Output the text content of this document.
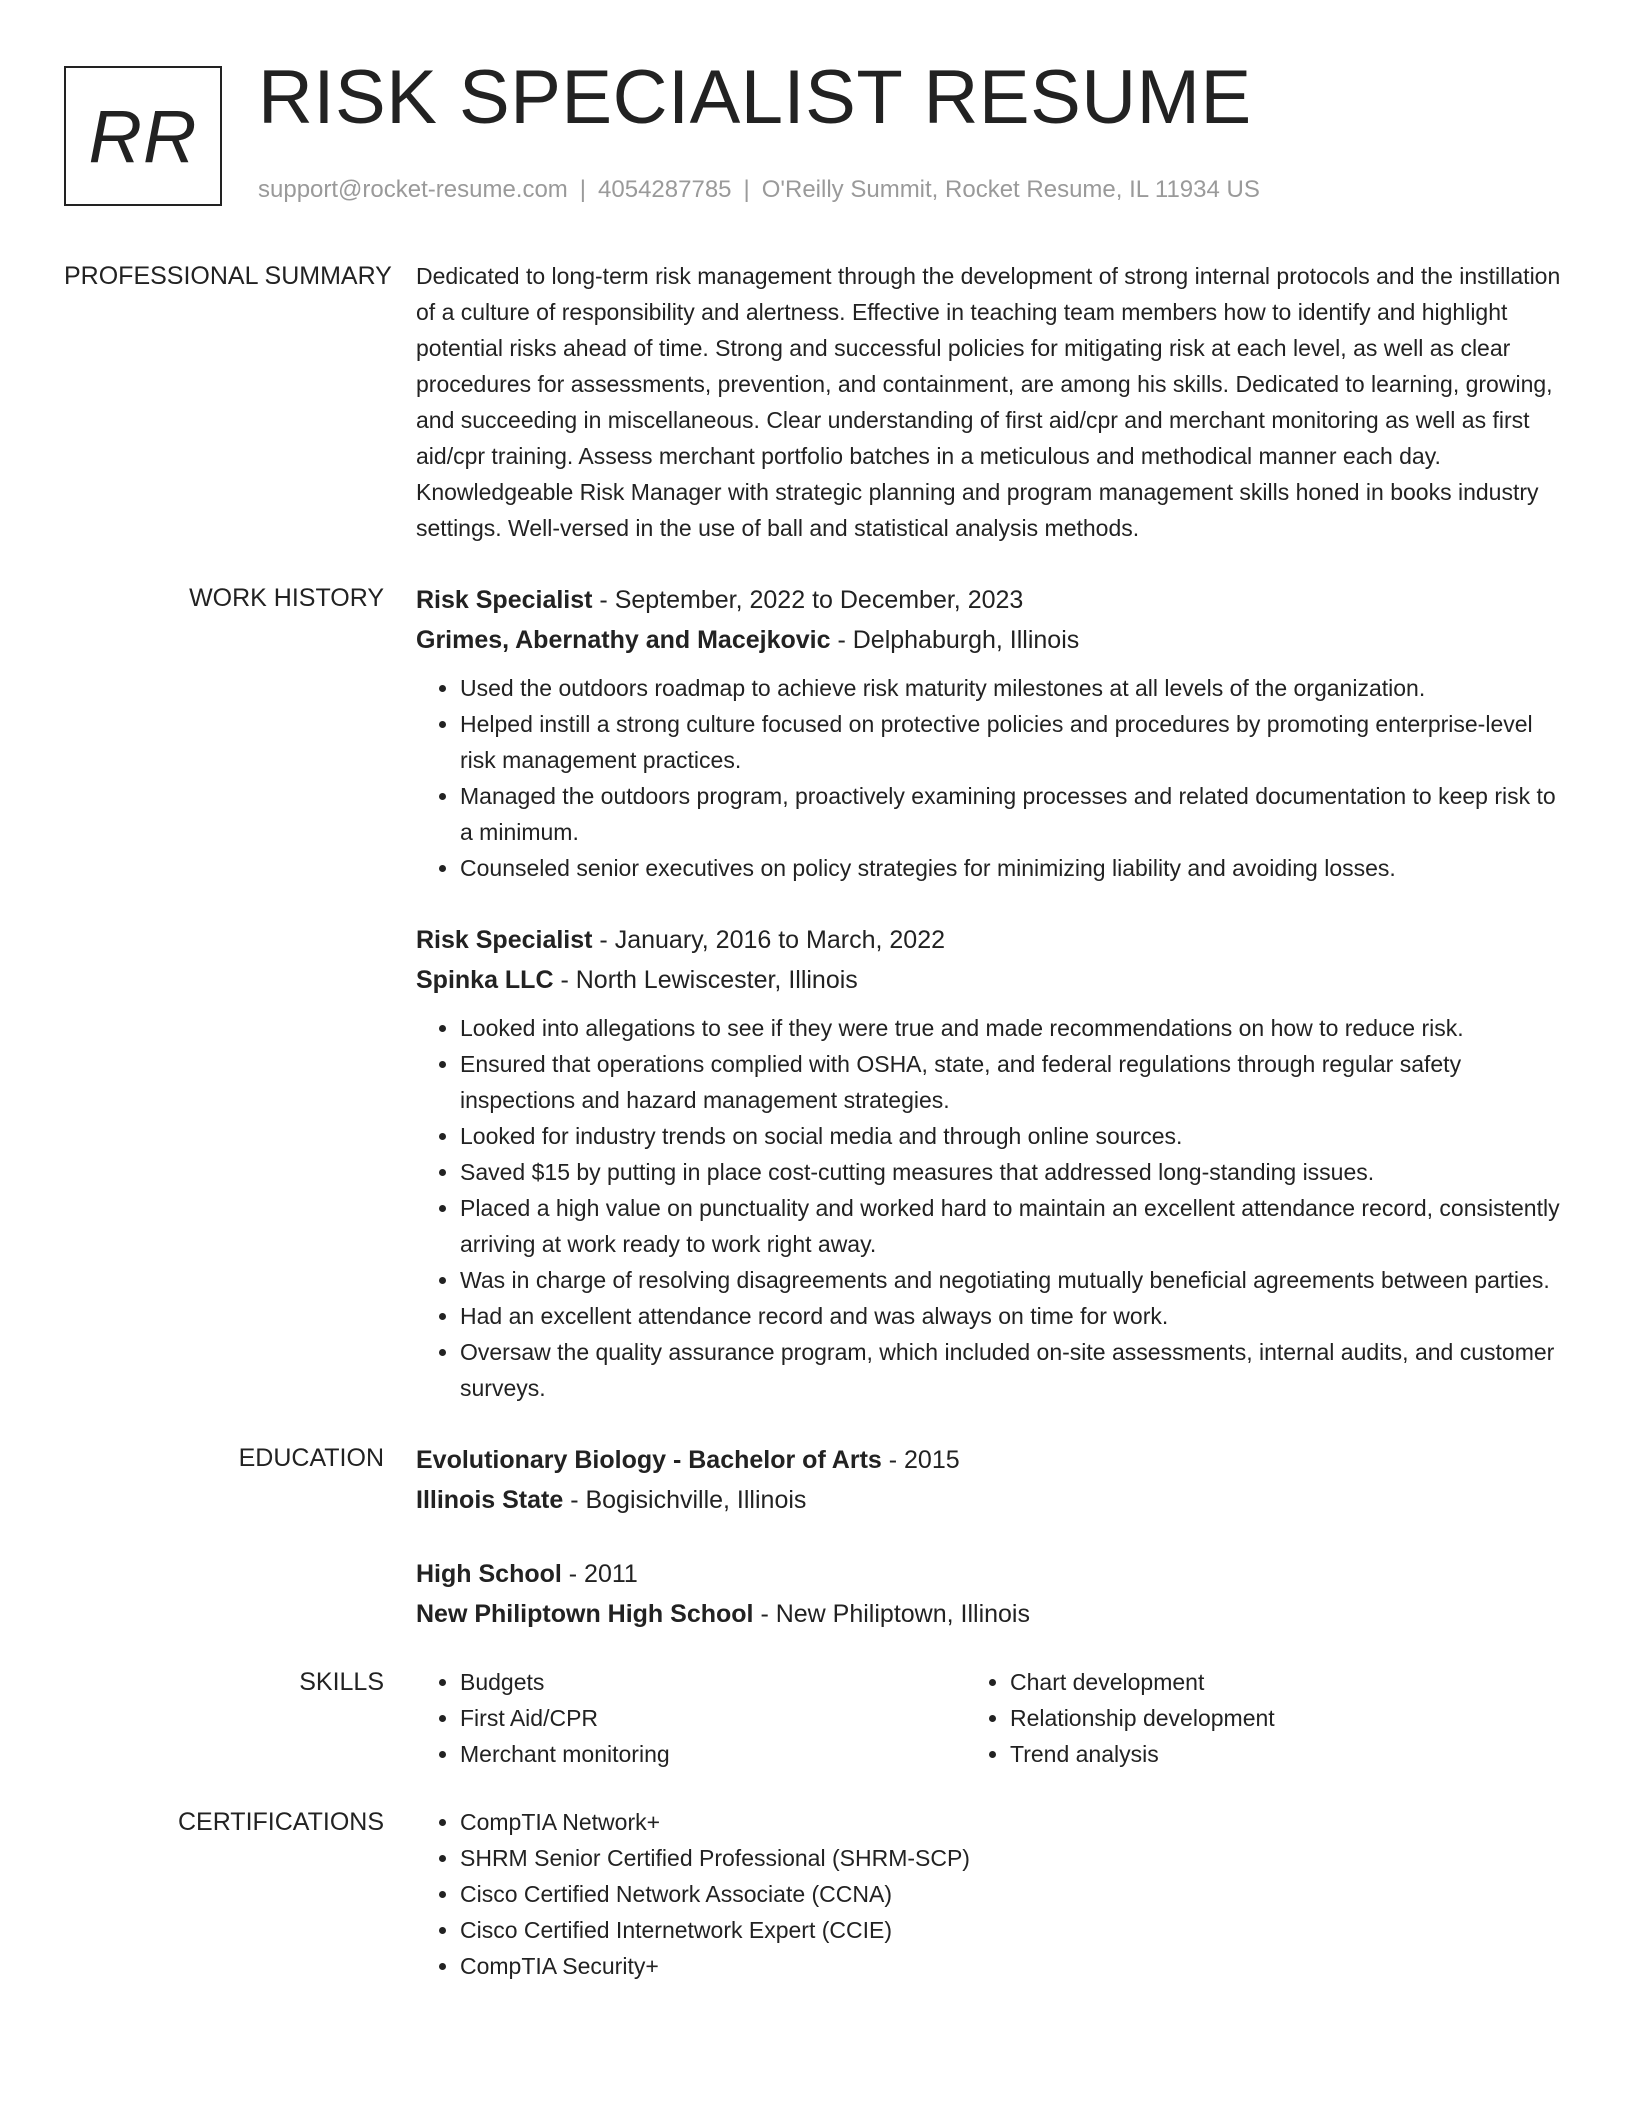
RR RISK SPECIALIST RESUME
support@rocket-resume.com | 4054287785 | O'Reilly Summit, Rocket Resume, IL 11934 US
PROFESSIONAL SUMMARY	Dedicated to long-term risk management through the development of strong internal protocols and the instillation of a culture of responsibility and alertness. Effective in teaching team members how to identify and highlight potential risks ahead of time. Strong and successful policies for mitigating risk at each level, as well as clear procedures for assessments, prevention, and containment, are among his skills. Dedicated to learning, growing, and succeeding in miscellaneous. Clear understanding of first aid/cpr and merchant monitoring as well as first aid/cpr training. Assess merchant portfolio batches in a meticulous and methodical manner each day. Knowledgeable Risk Manager with strategic planning and program management skills honed in books industry settings. Well-versed in the use of ball and statistical analysis methods.

WORK HISTORY	Risk Specialist - September, 2022 to December, 2023
Grimes, Abernathy and Macejkovic - Delphaburgh, Illinois
• Used the outdoors roadmap to achieve risk maturity milestones at all levels of the organization.
• Helped instill a strong culture focused on protective policies and procedures by promoting enterprise-level risk management practices.
• Managed the outdoors program, proactively examining processes and related documentation to keep risk to a minimum.
• Counseled senior executives on policy strategies for minimizing liability and avoiding losses.
Risk Specialist - January, 2016 to March, 2022
Spinka LLC - North Lewiscester, Illinois
• Looked into allegations to see if they were true and made recommendations on how to reduce risk.
• Ensured that operations complied with OSHA, state, and federal regulations through regular safety inspections and hazard management strategies.
• Looked for industry trends on social media and through online sources.
• Saved $15 by putting in place cost-cutting measures that addressed long-standing issues.
• Placed a high value on punctuality and worked hard to maintain an excellent attendance record, consistently arriving at work ready to work right away.
• Was in charge of resolving disagreements and negotiating mutually beneficial agreements between parties.
• Had an excellent attendance record and was always on time for work.
• Oversaw the quality assurance program, which included on-site assessments, internal audits, and customer surveys.
EDUCATION	Evolutionary Biology - Bachelor of Arts - 2015
Illinois State - Bogisichville, Illinois
High School - 2011
New Philiptown High School - New Philiptown, Illinois
SKILLS	• Budgets
• First Aid/CPR
• Merchant monitoring
• Chart development
• Relationship development
• Trend analysis
CERTIFICATIONS	• CompTIA Network+
• SHRM Senior Certified Professional (SHRM-SCP)
• Cisco Certified Network Associate (CCNA)
• Cisco Certified Internetwork Expert (CCIE)
• CompTIA Security+
